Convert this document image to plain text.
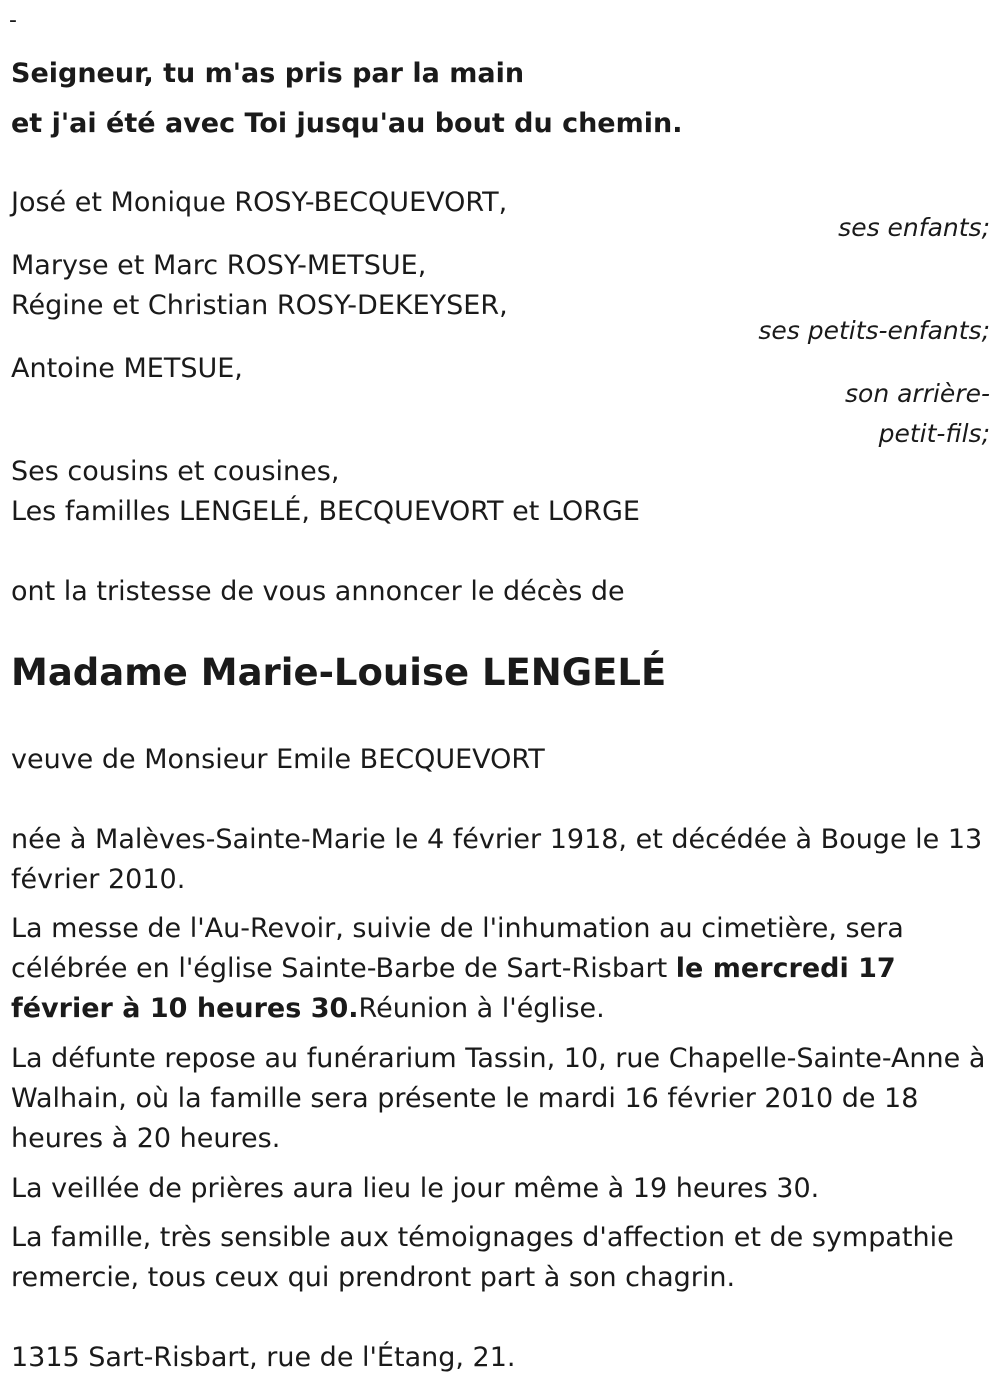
-
Seigneur, tu m'as pris par la main
et j'ai été avec Toi jusqu'au bout du chemin.
José et Monique ROSY-BECQUEVORT,
ses enfants;
Maryse et Marc ROSY-METSUE,
Régine et Christian ROSY-DEKEYSER,
ses petits-enfants;
Antoine METSUE,
son arrière-
petit-fils;
Ses cousins et cousines,
Les familles LENGELÉ, BECQUEVORT et LORGE
ont la tristesse de vous annoncer le décès de
Madame Marie-Louise LENGELÉ
veuve de Monsieur Emile BECQUEVORT
née à Malèves-Sainte-Marie le 4 février 1918, et décédée à Bouge le 13 février 2010.
La messe de l'Au-Revoir, suivie de l'inhumation au cimetière, sera célébrée en l'église Sainte-Barbe de Sart-Risbart le mercredi 17 février à 10 heures 30.Réunion à l'église.
La défunte repose au funérarium Tassin, 10, rue Chapelle-Sainte-Anne à Walhain, où la famille sera présente le mardi 16 février 2010 de 18 heures à 20 heures.
La veillée de prières aura lieu le jour même à 19 heures 30.
La famille, très sensible aux témoignages d'affection et de sympathie remercie, tous ceux qui prendront part à son chagrin.
1315 Sart-Risbart, rue de l'Étang, 21.
